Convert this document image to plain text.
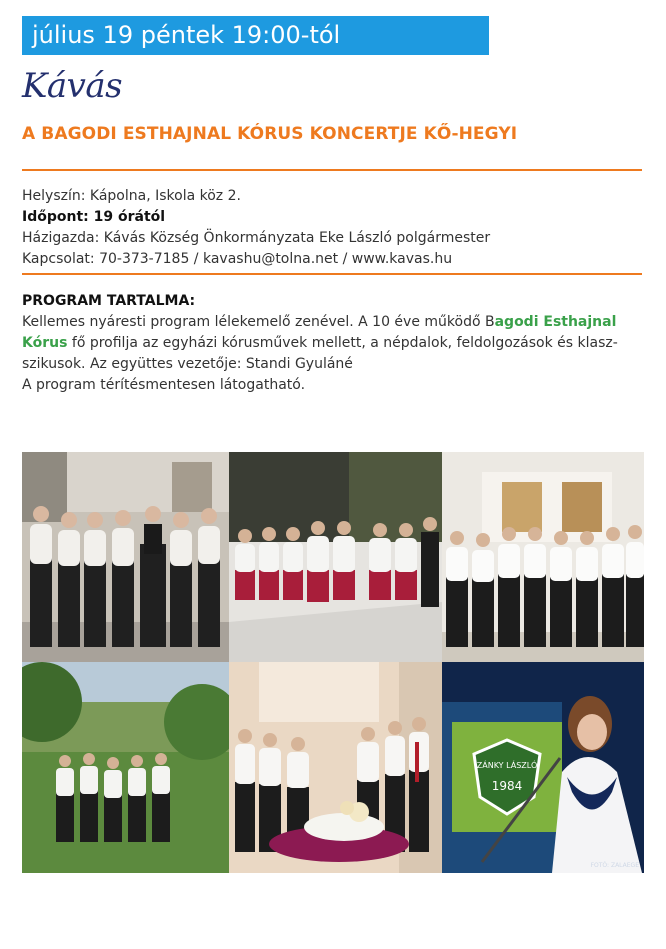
július 19 péntek 19:00-tól
Kávás
A BAGODI ESTHAJNAL KÓRUS KONCERTJE KŐ-HEGYI
Helyszín: Kápolna, Iskola köz 2.
Időpont: 19 órától
Házigazda: Kávás Község Önkormányzata Eke László polgármester
Kapcsolat: 70-373-7185 / kavashu@tolna.net / www.kavas.hu
PROGRAM TARTALMA:
Kellemes nyáresti program lélekemelő zenével. A 10 éve működő Bagodi Esthajnal Kórus fő profilja az egyházi kórusművek mellett, a népdalok, feldolgozások és klasz-szikusok. Az együttes vezetője: Standi Gyuláné
A program térítésmentesen látogatható.
ZÁNKY LÁSZLÓ
1984
FOTÓ: ZALAEGE
